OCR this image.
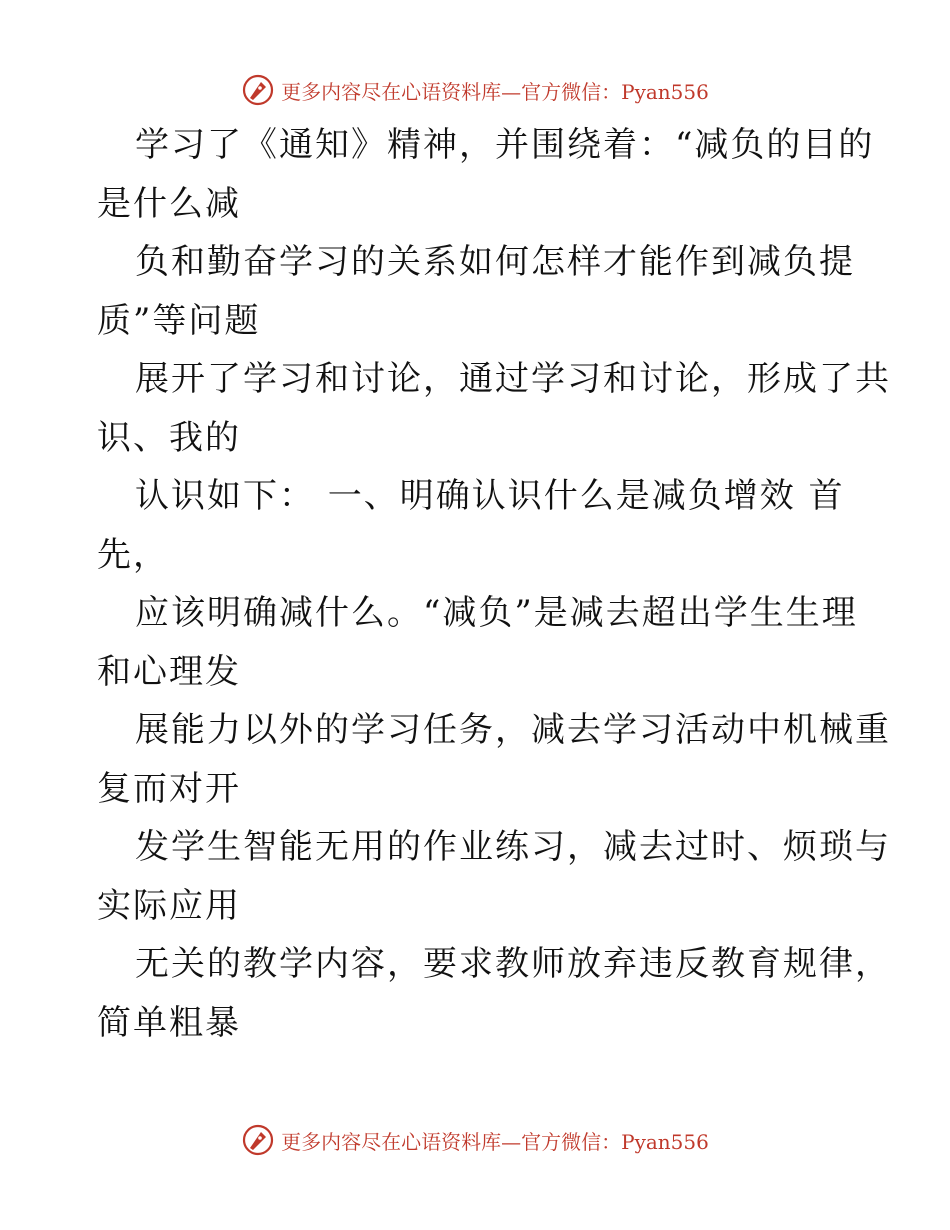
更多内容尽在心语资料库—官方微信：Pyan556

学习了《通知》精神，并围绕着：“减负的目的
是什么减

负和勤奋学习的关系如何怎样才能作到减负提
质”等问题

展开了学习和讨论，通过学习和讨论，形成了共
识、我的

认识如下： 一、明确认识什么是减负增效 首
先，

应该明确减什么。“减负”是减去超出学生生理
和心理发

展能力以外的学习任务，减去学习活动中机械重
复而对开

发学生智能无用的作业练习，减去过时、烦琐与
实际应用

无关的教学内容，要求教师放弃违反教育规律，
简单粗暴

更多内容尽在心语资料库—官方微信：Pyan556
